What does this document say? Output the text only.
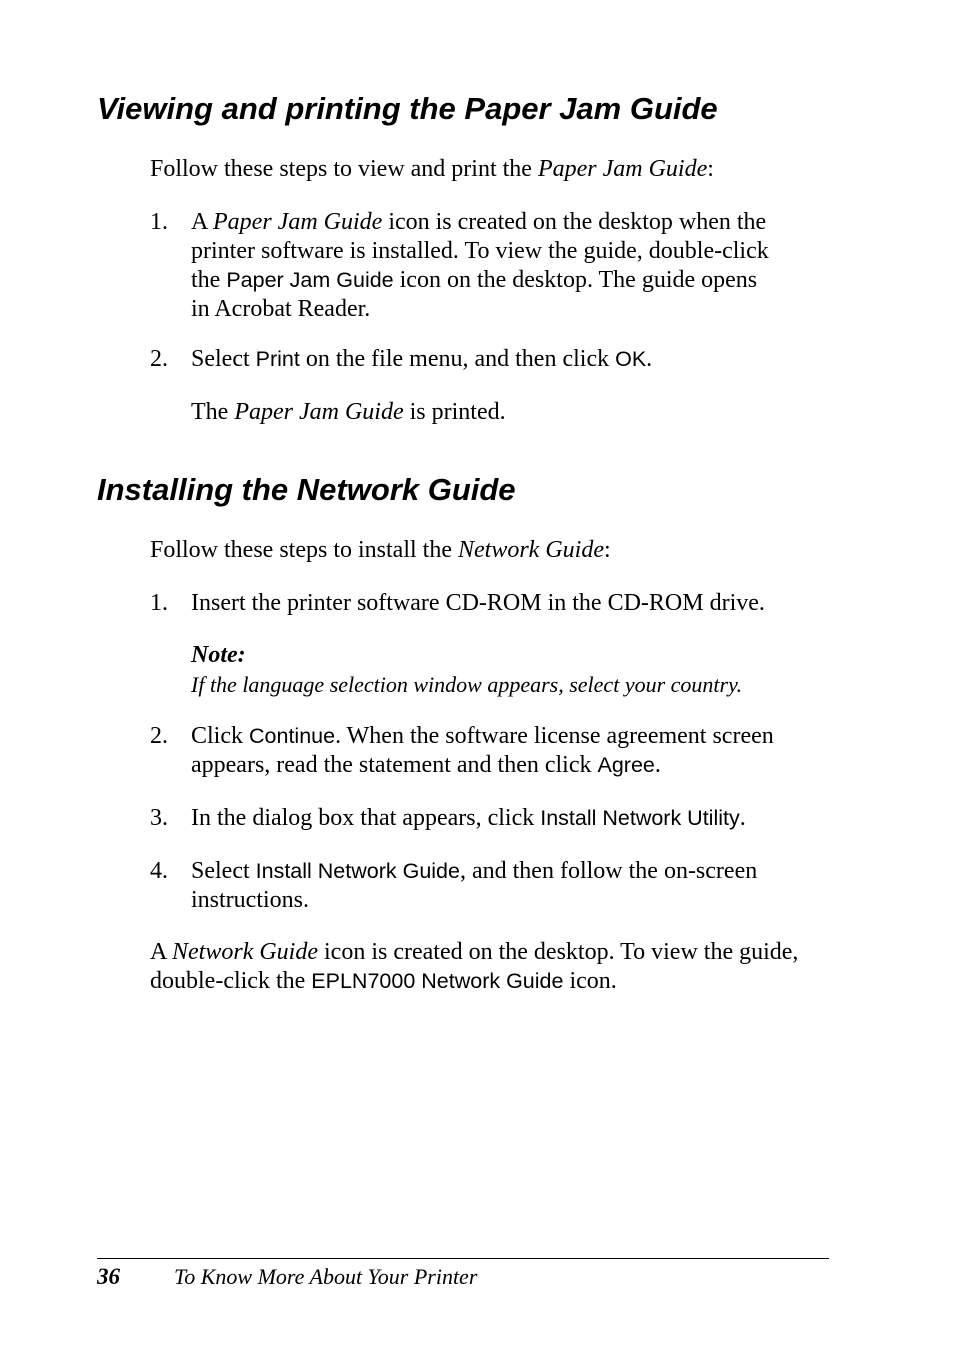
Viewing and printing the Paper Jam Guide

Follow these steps to view and print the Paper Jam Guide:

1. A Paper Jam Guide icon is created on the desktop when the
printer software is installed. To view the guide, double-click
the Paper Jam Guide icon on the desktop. The guide opens
in Acrobat Reader.
2. Select Print on the file menu, and then click OK.

The Paper Jam Guide is printed.

Installing the Network Guide

Follow these steps to install the Network Guide:

1. Insert the printer software CD-ROM in the CD-ROM drive.
Note:
If the language selection window appears, select your country.
2. Click Continue. When the software license agreement screen
appears, read the statement and then click Agree.
3. In the dialog box that appears, click Install Network Utility.
4. Select Install Network Guide, and then follow the on-screen
instructions.
A Network Guide icon is created on the desktop. To view the guide,
double-click the EPLN7000 Network Guide icon.
36 To Know More About Your Printer
